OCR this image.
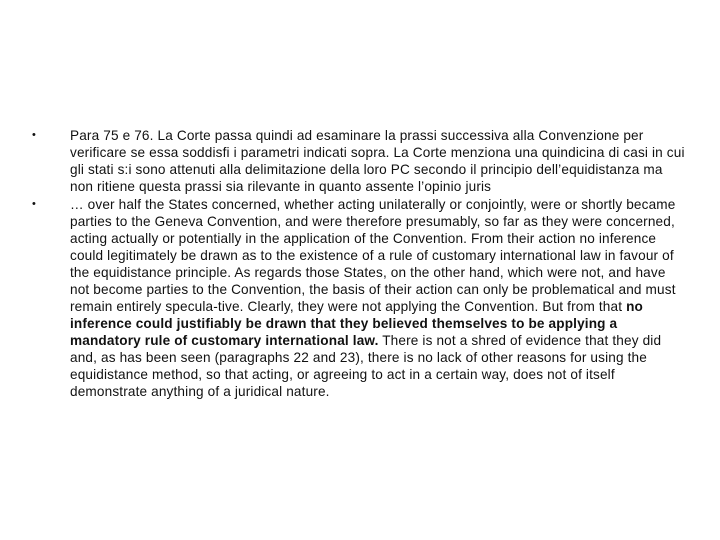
• Para 75 e 76. La Corte passa quindi ad esaminare la prassi successiva alla Convenzione per verificare se essa soddisfi i parametri indicati sopra. La Corte menziona una quindicina di casi in cui gli stati s:i sono attenuti alla delimitazione della loro PC secondo il principio dell’equidistanza ma non ritiene questa prassi sia rilevante in quanto assente l’opinio juris
• … over half the States concerned, whether acting unilaterally or conjointly, were or shortly became parties to the Geneva Convention, and were therefore presumably, so far as they were concerned, acting actually or potentially in the application of the Convention. From their action no inference could legitimately be drawn as to the existence of a rule of customary international law in favour of the equidistance principle. As regards those States, on the other hand, which were not, and have not become parties to the Convention, the basis of their action can only be problematical and must remain entirely specula-tive. Clearly, they were not applying the Convention. But from that no inference could justifiably be drawn that they believed themselves to be applying a mandatory rule of customary international law. There is not a shred of evidence that they did and, as has been seen (paragraphs 22 and 23), there is no lack of other reasons for using the equidistance method, so that acting, or agreeing to act in a certain way, does not of itself demonstrate anything of a juridical nature.
